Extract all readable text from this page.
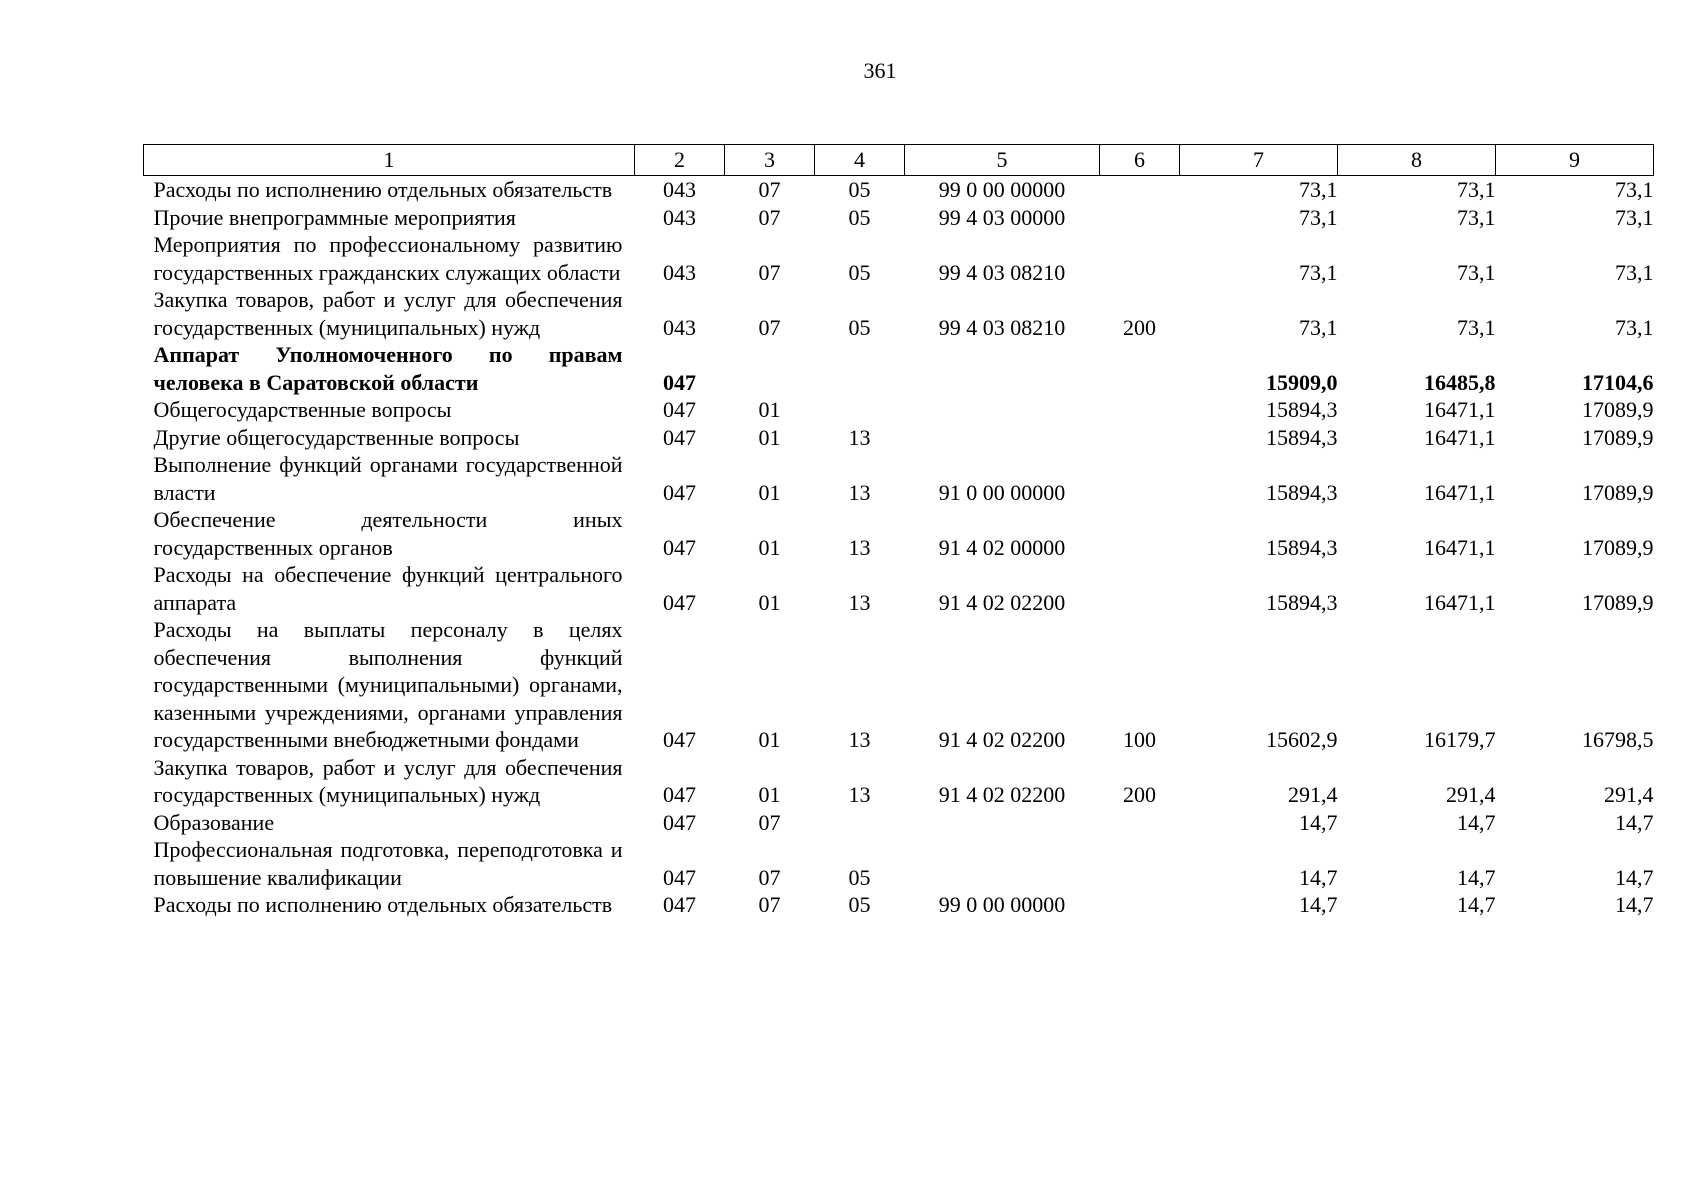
361
1	2	3	4	5	6	7	8	9
Расходы по исполнению отдельных обязательств	043	07	05	99 0 00 00000		73,1	73,1	73,1
Прочие внепрограммные мероприятия	043	07	05	99 4 03 00000		73,1	73,1	73,1
Мероприятия по профессиональному развитию государственных гражданских служащих области	043	07	05	99 4 03 08210		73,1	73,1	73,1
Закупка товаров, работ и услуг для обеспечения государственных (муниципальных) нужд	043	07	05	99 4 03 08210	200	73,1	73,1	73,1
Аппарат Уполномоченного по правам человека в Саратовской области	047					15909,0	16485,8	17104,6
Общегосударственные вопросы	047	01				15894,3	16471,1	17089,9
Другие общегосударственные вопросы	047	01	13			15894,3	16471,1	17089,9
Выполнение функций органами государственной власти	047	01	13	91 0 00 00000		15894,3	16471,1	17089,9
Обеспечение деятельности иных государственных органов	047	01	13	91 4 02 00000		15894,3	16471,1	17089,9
Расходы на обеспечение функций центрального аппарата	047	01	13	91 4 02 02200		15894,3	16471,1	17089,9
Расходы на выплаты персоналу в целях обеспечения выполнения функций государственными (муниципальными) органами, казенными учреждениями, органами управления государственными внебюджетными фондами	047	01	13	91 4 02 02200	100	15602,9	16179,7	16798,5
Закупка товаров, работ и услуг для обеспечения государственных (муниципальных) нужд	047	01	13	91 4 02 02200	200	291,4	291,4	291,4
Образование	047	07				14,7	14,7	14,7
Профессиональная подготовка, переподготовка и повышение квалификации	047	07	05			14,7	14,7	14,7
Расходы по исполнению отдельных обязательств	047	07	05	99 0 00 00000		14,7	14,7	14,7
